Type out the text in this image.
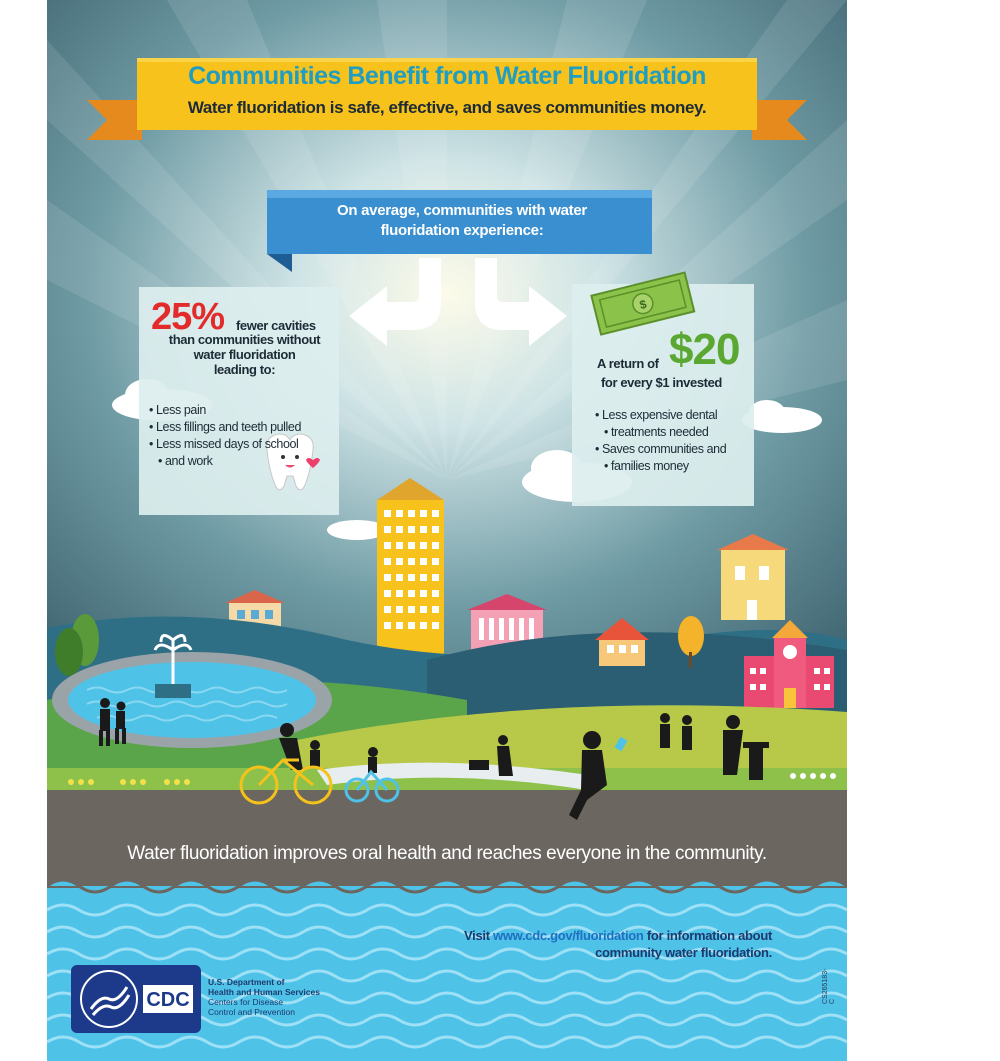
$
Communities Benefit from Water Fluoridation
Water fluoridation is safe, effective, and saves communities money.
On average, communities with water
fluoridation experience:
25% fewer cavities
than communities without
water fluoridation
leading to:
• Less pain
• Less fillings and teeth pulled
• Less missed days of school
• and work
A return of $20
for every $1 invested
• Less expensive dental
• treatments needed
• Saves communities and
• families money
Water fluoridation improves oral health and reaches everyone in the community.
Visit www.cdc.gov/fluoridation for information about
community water fluoridation.
CDC
U.S. Department of
Health and Human Services
Centers for Disease
Control and Prevention
CS265183-C
